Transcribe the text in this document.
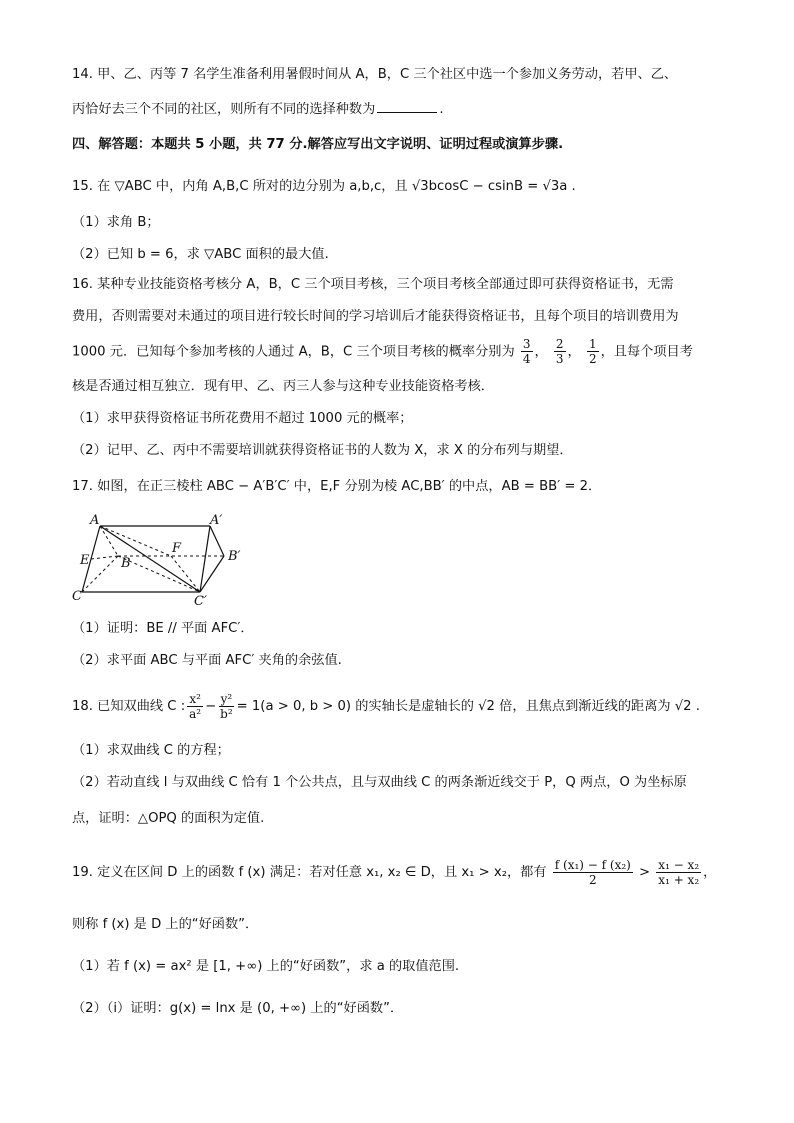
14. 甲、乙、丙等 7 名学生准备利用暑假时间从 A，B，C 三个社区中选一个参加义务劳动，若甲、乙、
丙恰好去三个不同的社区，则所有不同的选择种数为	.
四、解答题：本题共 5 小题，共 77 分.解答应写出文字说明、证明过程或演算步骤.
15. 在 ▽ABC 中，内角 A,B,C 所对的边分别为 a,b,c，且 √3bcosC − csinB = √3a .
（1）求角 B；
（2）已知 b = 6，求 ▽ABC 面积的最大值.
16. 某种专业技能资格考核分 A，B，C 三个项目考核，三个项目考核全部通过即可获得资格证书，无需
费用，否则需要对未通过的项目进行较长时间的学习培训后才能获得资格证书，且每个项目的培训费用为
1000 元．已知每个参加考核的人通过 A，B，C 三个项目考核的概率分别为 $\frac{3}{4}$ ， $\frac{2}{3}$ ， $\frac{1}{2}$ ，且每个项目考
核是否通过相互独立．现有甲、乙、丙三人参与这种专业技能资格考核．
（1）求甲获得资格证书所花费用不超过 1000 元的概率；
（2）记甲、乙、丙中不需要培训就获得资格证书的人数为 X，求 X 的分布列与期望．
17. 如图，在正三棱柱 ABC − A′B′C′ 中，E,F 分别为棱 AC,BB′ 的中点，AB = BB′ = 2．
A	A′
B	B′
C	C′
E
F
（1）证明：BE // 平面 AFC′．
（2）求平面 ABC 与平面 AFC′ 夹角的余弦值.
18. 已知双曲线 C : $\frac{\text{x²}}{\text{a²}} - \frac{\text{y²}}{\text{b²}} = 1(a > 0$, b > 0) 的实轴长是虚轴长的 √2 倍，且焦点到渐近线的距离为 √2 .
（1）求双曲线 C 的方程；
（2）若动直线 l 与双曲线 C 恰有 1 个公共点，且与双曲线 C 的两条渐近线交于 P，Q 两点，O 为坐标原
点，证明：△OPQ 的面积为定值.
19. 定义在区间 D 上的函数 f (x) 满足：若对任意 x₁, x₂ ∈ D，且 x₁ > x₂，都有 $\frac{\text{f (x₁) − f (x₂)}}{2} > \frac{\text{x₁ − x₂}}{\text{x₁ + x₂}}$ ，
则称 f (x) 是 D 上的“好函数”．
（1）若 f (x) = ax² 是 [1, +∞) 上的“好函数”，求 a 的取值范围.
（2）（ⅰ）证明：g(x) = lnx 是 (0, +∞) 上的“好函数”．
